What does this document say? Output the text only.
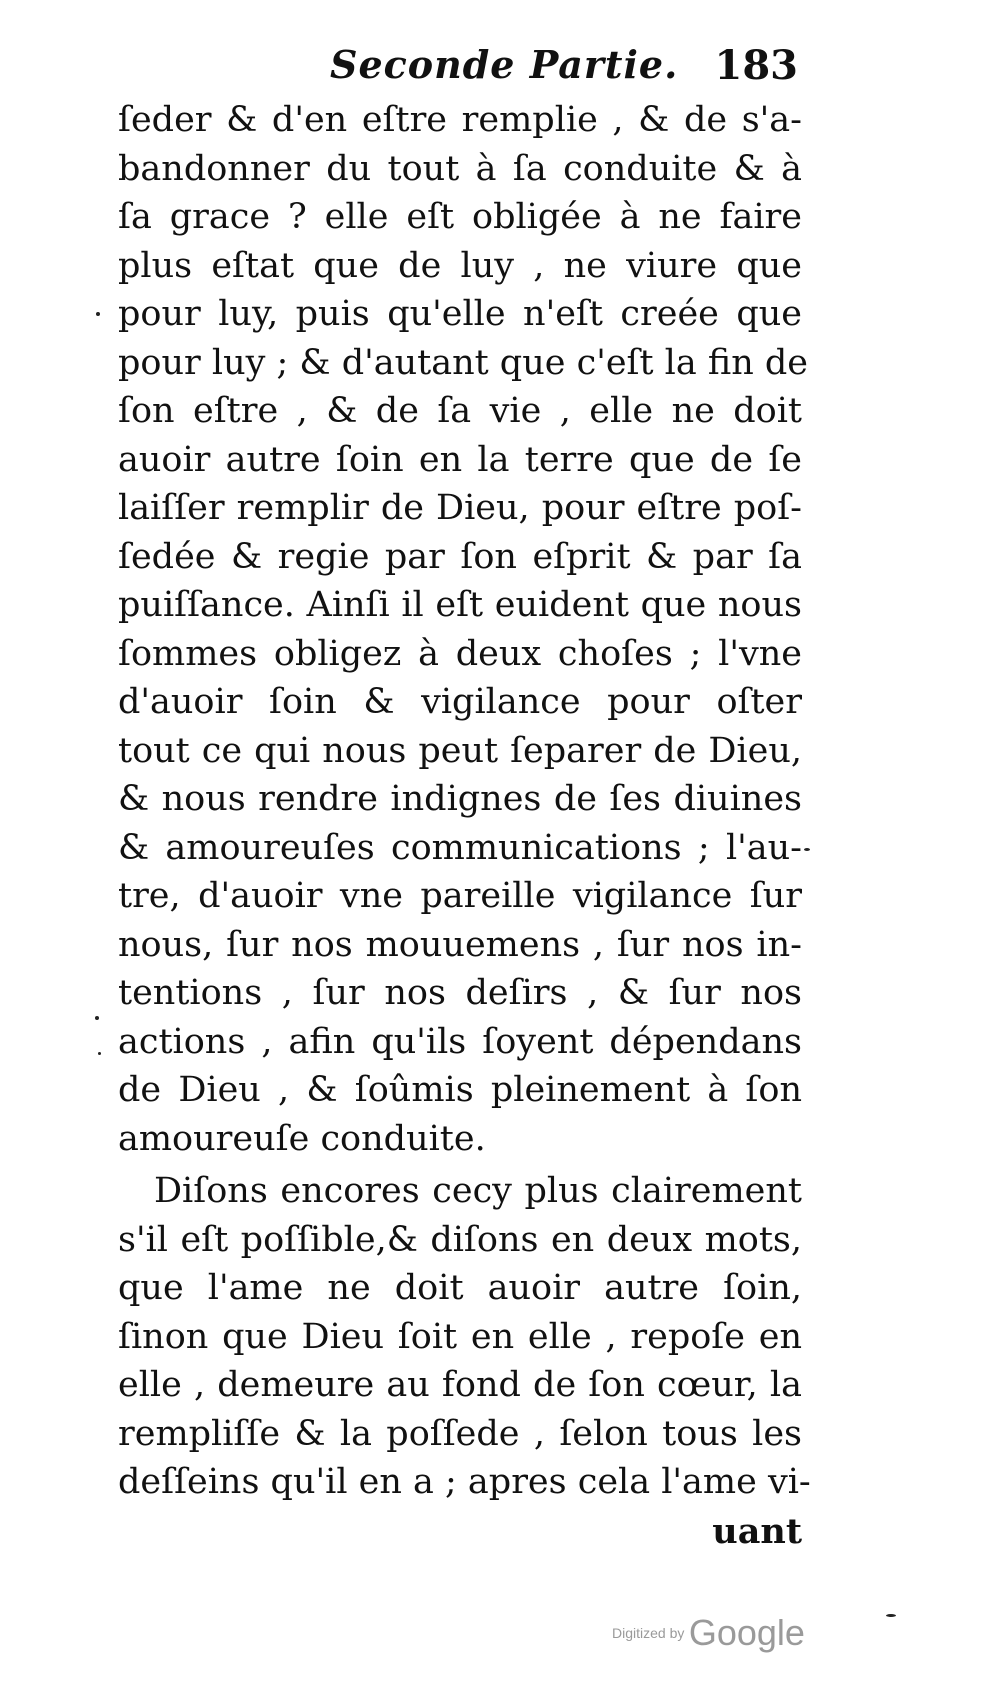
Seconde Partie. 183
ſeder & d'en eſtre remplie , & de s'a-
bandonner du tout à ſa conduite & à
ſa grace ? elle eſt obligée à ne faire
plus eſtat que de luy , ne viure que
pour luy, puis qu'elle n'eſt creée que
pour luy ; & d'autant que c'eſt la fin de
ſon eſtre , & de ſa vie , elle ne doit
auoir autre ſoin en la terre que de ſe
laiſſer remplir de Dieu, pour eſtre poſ-
ſedée & regie par ſon eſprit & par ſa
puiſſance. Ainſi il eſt euident que nous
ſommes obligez à deux choſes ; l'vne
d'auoir ſoin & vigilance pour oſter
tout ce qui nous peut ſeparer de Dieu,
& nous rendre indignes de ſes diuines
& amoureuſes communications ; l'au-
tre, d'auoir vne pareille vigilance ſur
nous, ſur nos mouuemens , ſur nos in-
tentions , ſur nos deſirs , & ſur nos
actions , afin qu'ils ſoyent dépendans
de Dieu , & ſoûmis pleinement à ſon
amoureuſe conduite.
Diſons encores cecy plus clairement
s'il eſt poſſible,& diſons en deux mots,
que l'ame ne doit auoir autre ſoin,
ſinon que Dieu ſoit en elle , repoſe en
elle , demeure au fond de ſon cœur, la
rempliſſe & la poſſede , ſelon tous les
deſſeins qu'il en a ; apres cela l'ame vi-
uant
Digitized by Google
